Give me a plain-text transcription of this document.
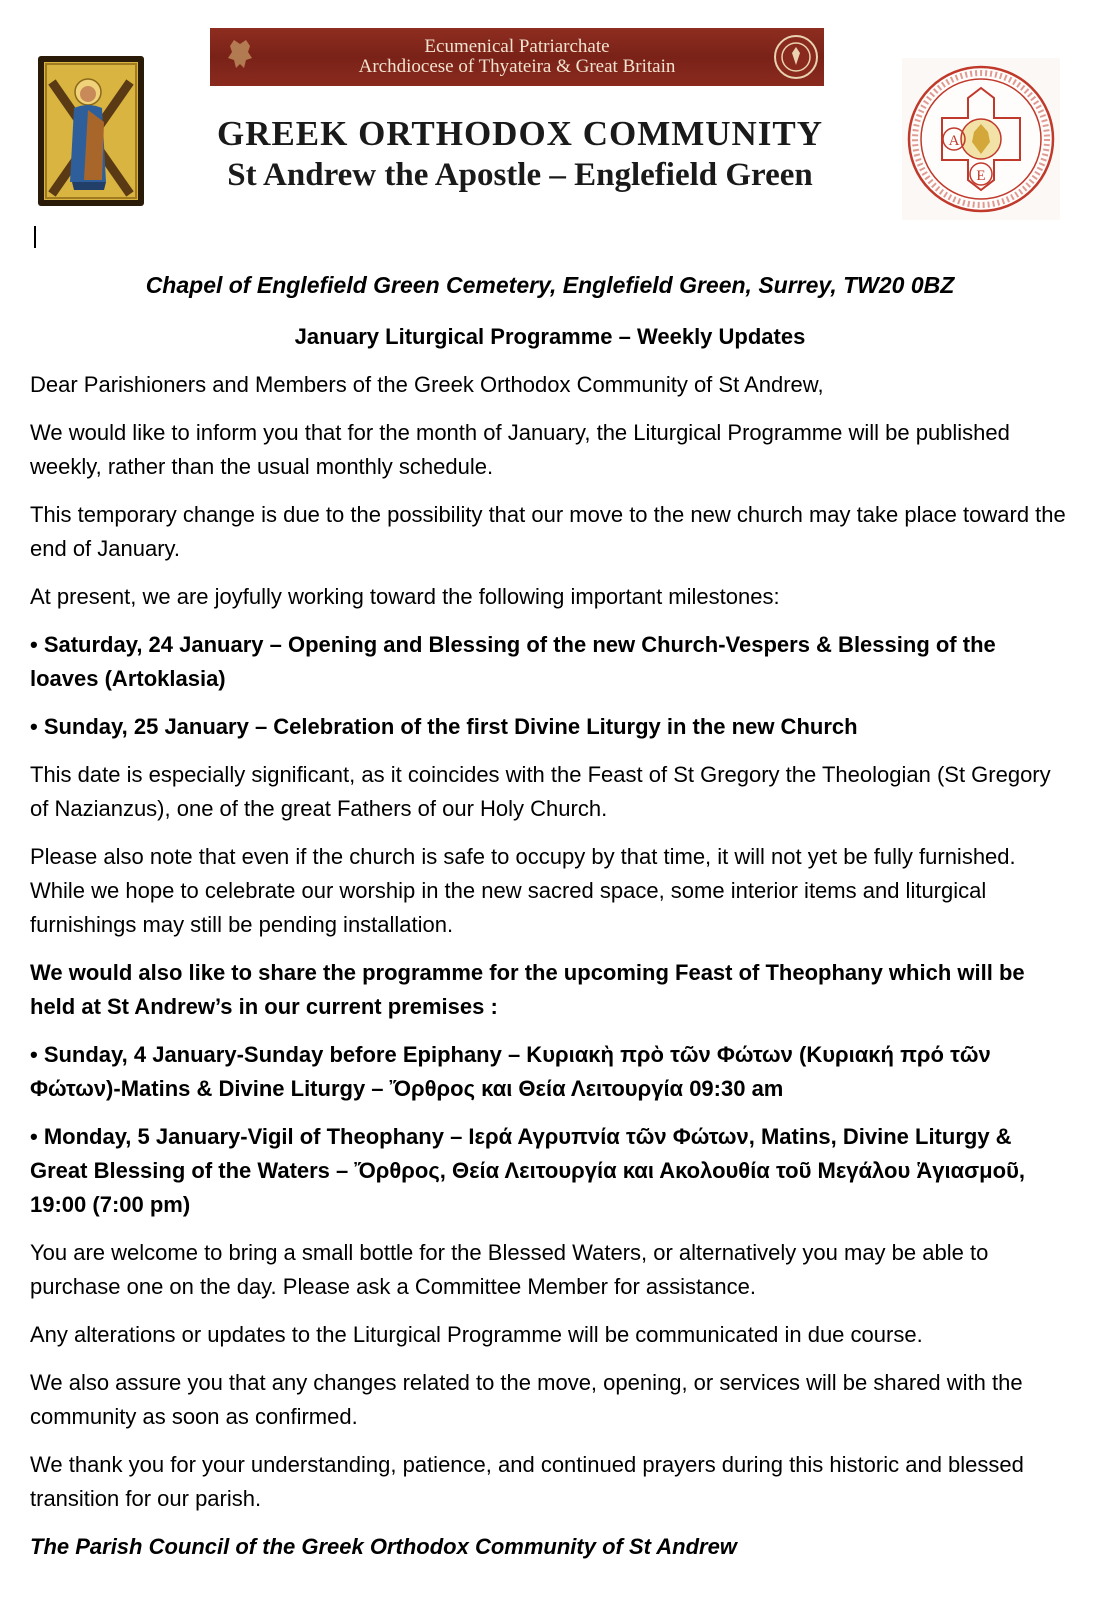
Ecumenical Patriarchate
Archdiocese of Thyateira & Great Britain
GREEK ORTHODOX COMMUNITY
St Andrew the Apostle – Englefield Green
A
E

Chapel of Englefield Green Cemetery, Englefield Green, Surrey, TW20 0BZ

January Liturgical Programme – Weekly Updates

Dear Parishioners and Members of the Greek Orthodox Community of St Andrew,

We would like to inform you that for the month of January, the Liturgical Programme will be published weekly, rather than the usual monthly schedule.

This temporary change is due to the possibility that our move to the new church may take place toward the end of January.

At present, we are joyfully working toward the following important milestones:

• Saturday, 24 January – Opening and Blessing of the new Church-Vespers & Blessing of the loaves (Artoklasia)

• Sunday, 25 January – Celebration of the first Divine Liturgy in the new Church

This date is especially significant, as it coincides with the Feast of St Gregory the Theologian (St Gregory of Nazianzus), one of the great Fathers of our Holy Church.

Please also note that even if the church is safe to occupy by that time, it will not yet be fully furnished. While we hope to celebrate our worship in the new sacred space, some interior items and liturgical furnishings may still be pending installation.

We would also like to share the programme for the upcoming Feast of Theophany which will be held at St Andrew’s in our current premises :

• Sunday, 4 January-Sunday before Epiphany – Κυριακὴ πρὸ τῶν Φώτων (Κυριακή πρό τῶν Φώτων)-Matins & Divine Liturgy – Ὄρθρος και Θεία Λειτουργία 09:30 am

• Monday, 5 January-Vigil of Theophany – Ιερά Αγρυπνία τῶν Φώτων, Matins, Divine Liturgy & Great Blessing of the Waters – Ὄρθρος, Θεία Λειτουργία και Ακολουθία τοῦ Μεγάλου Ἁγιασμοῦ, 19:00 (7:00 pm)

You are welcome to bring a small bottle for the Blessed Waters, or alternatively you may be able to purchase one on the day. Please ask a Committee Member for assistance.

Any alterations or updates to the Liturgical Programme will be communicated in due course.

We also assure you that any changes related to the move, opening, or services will be shared with the community as soon as confirmed.

We thank you for your understanding, patience, and continued prayers during this historic and blessed transition for our parish.

The Parish Council of the Greek Orthodox Community of St Andrew
